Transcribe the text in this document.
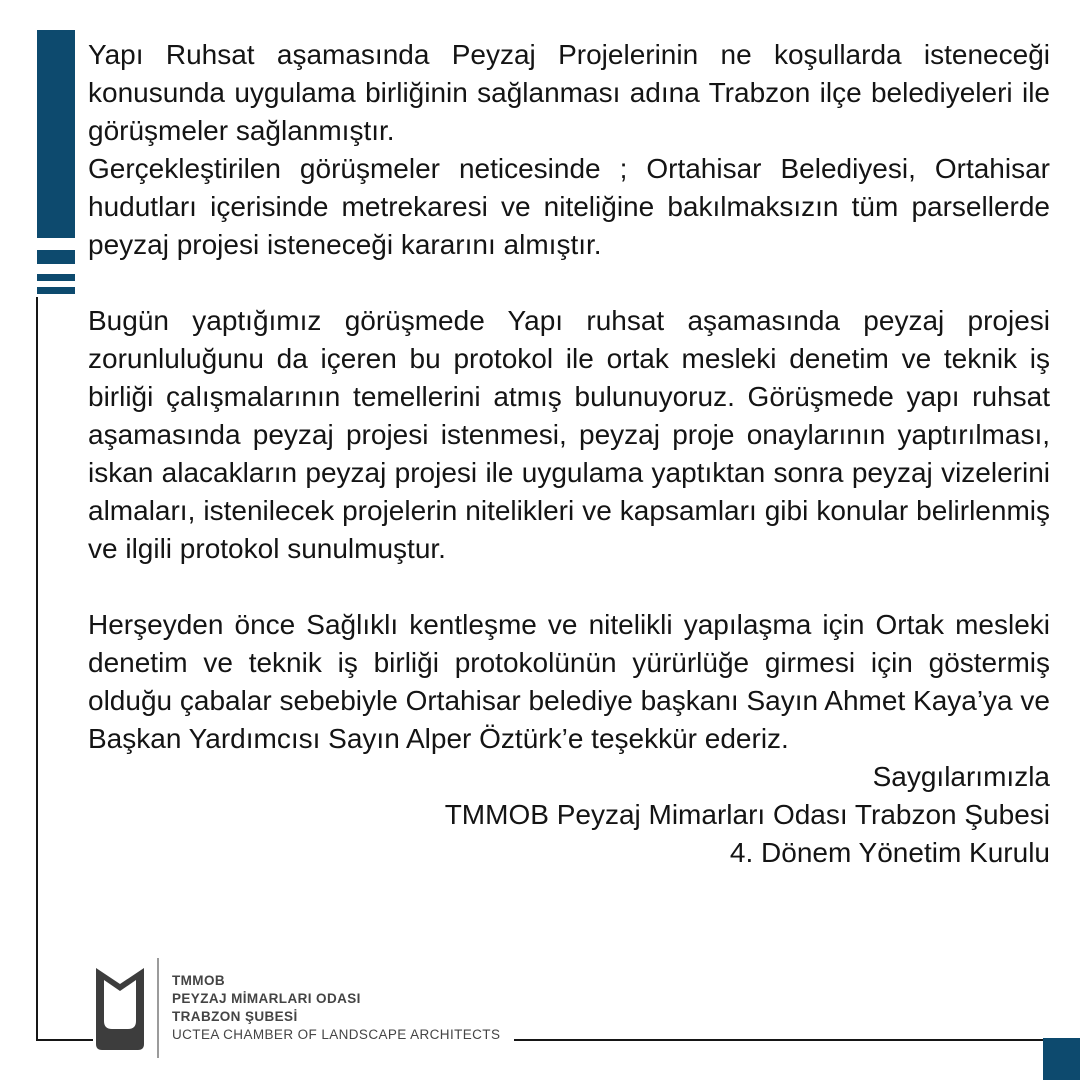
Yapı Ruhsat aşamasında Peyzaj Projelerinin ne koşullarda isteneceği konusunda uygulama birliğinin sağlanması adına Trabzon ilçe belediyeleri ile görüşmeler sağlanmıştır.

Gerçekleştirilen görüşmeler neticesinde ; Ortahisar Belediyesi, Ortahisar hudutları içerisinde metrekaresi ve niteliğine bakılmaksızın tüm parsellerde peyzaj projesi isteneceği kararını almıştır.

Bugün yaptığımız görüşmede Yapı ruhsat aşamasında peyzaj projesi zorunluluğunu da içeren bu protokol ile ortak mesleki denetim ve teknik iş birliği çalışmalarının temellerini atmış bulunuyoruz. Görüşmede yapı ruhsat aşamasında peyzaj projesi istenmesi, peyzaj proje onaylarının yaptırılması, iskan alacakların peyzaj projesi ile uygulama yaptıktan sonra peyzaj vizelerini almaları, istenilecek projelerin nitelikleri ve kapsamları gibi konular belirlenmiş ve ilgili protokol sunulmuştur.

Herşeyden önce Sağlıklı kentleşme ve nitelikli yapılaşma için Ortak mesleki denetim ve teknik iş birliği protokolünün yürürlüğe girmesi için göstermiş olduğu çabalar sebebiyle Ortahisar belediye başkanı Sayın Ahmet Kaya’ya ve Başkan Yardımcısı Sayın Alper Öztürk’e teşekkür ederiz.

Saygılarımızla
TMMOB Peyzaj Mimarları Odası Trabzon Şubesi
4. Dönem Yönetim Kurulu
TMMOB
PEYZAJ MİMARLARI ODASI
TRABZON ŞUBESİ
UCTEA CHAMBER OF LANDSCAPE ARCHITECTS
